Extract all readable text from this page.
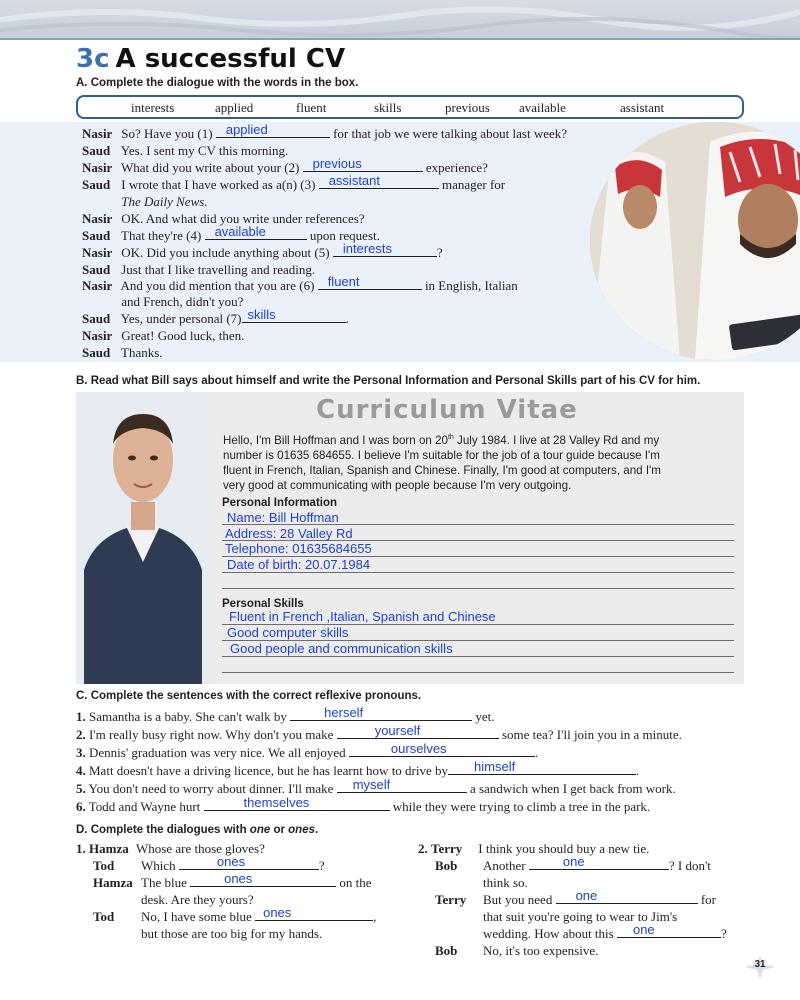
3c A successful CV
A. Complete the dialogue with the words in the box.
interests	applied	fluent	skills	previous available	assistant
Nasir So? Have you (1) applied	for that job we were talking about last week?
Saud Yes. I sent my CV this morning.
Nasir What did you write about your (2) previous	experience?
Saud I wrote that I have worked as a(n) (3) assistant	manager for
The Daily News.
Nasir OK. And what did you write under references?
Saud That they're (4) available	upon request.
Nasir OK. Did you include anything about (5) interests	?
Saud Just that I like travelling and reading.
Nasir And you did mention that you are (6) fluent	in English, Italian
and French, didn't you?
Saud Yes, under personal (7) skills	.
Nasir Great! Good luck, then.
Saud Thanks.
B. Read what Bill says about himself and write the Personal Information and Personal Skills part of his CV for him.
Curriculum Vitae
Hello, I'm Bill Hoffman and I was born on 20th July 1984. I live at 28 Valley Rd and my
number is 01635 684655. I believe I'm suitable for the job of a tour guide because I'm
fluent in French, Italian, Spanish and Chinese. Finally, I'm good at computers, and I'm
very good at communicating with people because I'm very outgoing.
Personal Information
Name: Bill Hoffman
Address: 28 Valley Rd
Telephone: 01635684655
Date of birth: 20.07.1984
Personal Skills
Fluent in French ,Italian, Spanish and Chinese
Good computer skills
Good people and communication skills
C. Complete the sentences with the correct reflexive pronouns.
1. Samantha is a baby. She can't walk by	herself	yet.
2. I'm really busy right now. Why don't you make	yourself	some tea? I'll join you in a minute.
3. Dennis' graduation was very nice. We all enjoyed	ourselves	.
4. Matt doesn't have a driving licence, but he has learnt how to drive by himself	.
5. You don't need to worry about dinner. I'll make myself	a sandwich when I get back from work.
6. Todd and Wayne hurt	themselves	while they were trying to climb a tree in the park.
D. Complete the dialogues with one or ones.
1. Hamza Whose are those gloves?
Tod Which	ones	?
Hamza The blue	ones	on the
desk. Are they yours?
Tod No, I have some blue ones	,
but those are too big for my hands.
2. Terry I think you should buy a new tie.
Bob Another	one	? I don't
think so.
Terry But you need one	for
that suit you're going to wear to Jim's
wedding. How about this one	?
Bob No, it's too expensive.
31
